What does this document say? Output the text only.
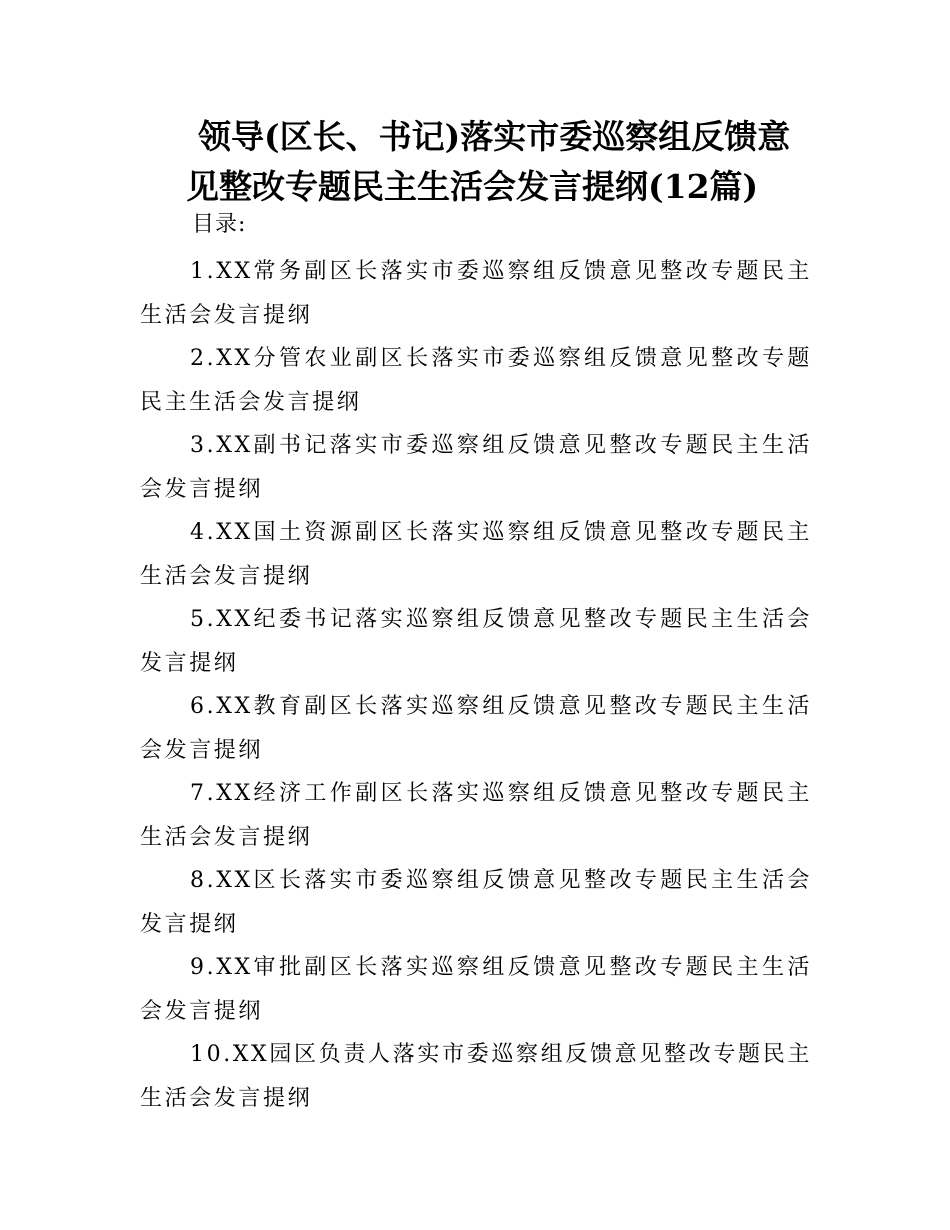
领导(区长、书记)落实市委巡察组反馈意
见整改专题民主生活会发言提纲(12篇)
目录:
1.XX常务副区长落实市委巡察组反馈意见整改专题民主生活会发言提纲
2.XX分管农业副区长落实市委巡察组反馈意见整改专题民主生活会发言提纲
3.XX副书记落实市委巡察组反馈意见整改专题民主生活会发言提纲
4.XX国土资源副区长落实巡察组反馈意见整改专题民主生活会发言提纲
5.XX纪委书记落实巡察组反馈意见整改专题民主生活会发言提纲
6.XX教育副区长落实巡察组反馈意见整改专题民主生活会发言提纲
7.XX经济工作副区长落实巡察组反馈意见整改专题民主生活会发言提纲
8.XX区长落实市委巡察组反馈意见整改专题民主生活会发言提纲
9.XX审批副区长落实巡察组反馈意见整改专题民主生活会发言提纲
10.XX园区负责人落实市委巡察组反馈意见整改专题民主生活会发言提纲
